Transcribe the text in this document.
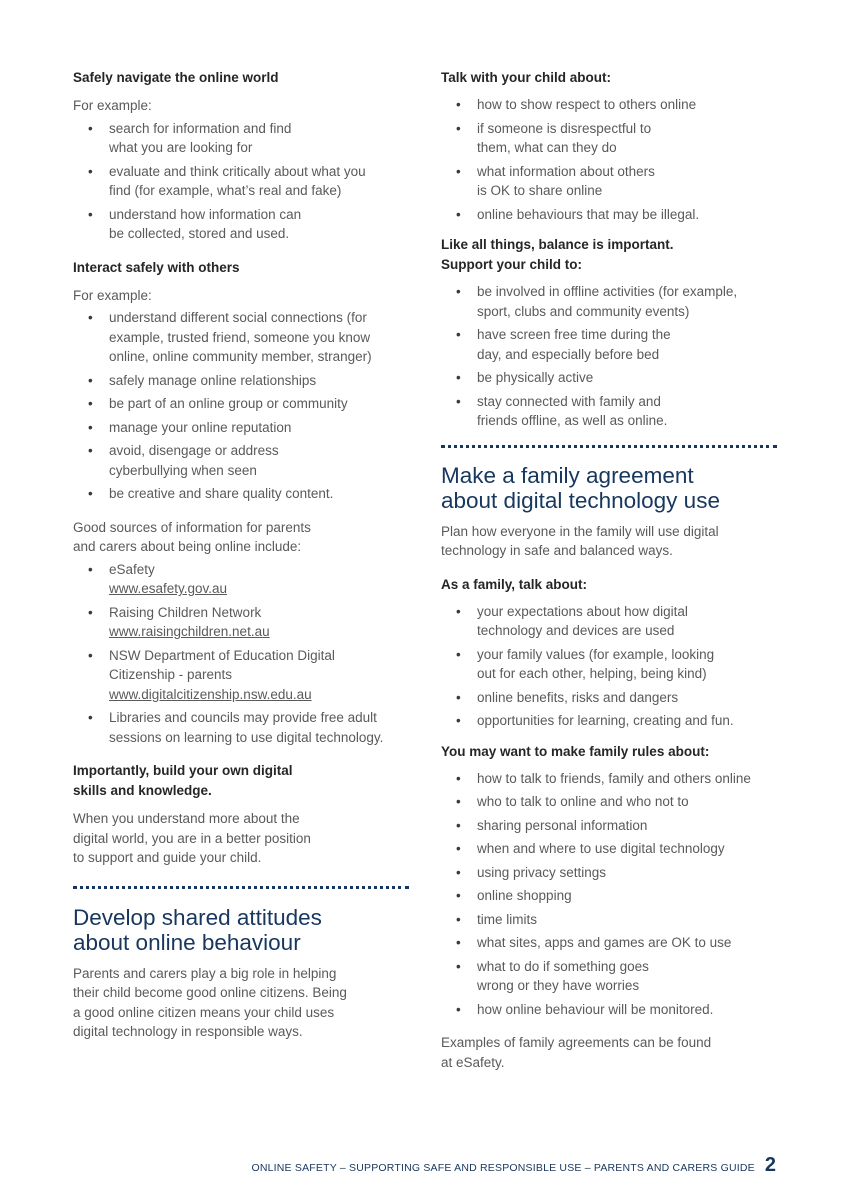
Safely navigate the online world

For example:

• search for information and find
what you are looking for
• evaluate and think critically about what you
find (for example, what’s real and fake)
• understand how information can
be collected, stored and used.

Interact safely with others

For example:

• understand different social connections (for
example, trusted friend, someone you know
online, online community member, stranger)
• safely manage online relationships
• be part of an online group or community
• manage your online reputation
• avoid, disengage or address
cyberbullying when seen
• be creative and share quality content.

Good sources of information for parents
and carers about being online include:

• eSafety
www.esafety.gov.au
• Raising Children Network
www.raisingchildren.net.au
• NSW Department of Education Digital
Citizenship - parents
www.digitalcitizenship.nsw.edu.au
• Libraries and councils may provide free adult
sessions on learning to use digital technology.

Importantly, build your own digital
skills and knowledge.

When you understand more about the
digital world, you are in a better position
to support and guide your child.

Develop shared attitudes
about online behaviour

Parents and carers play a big role in helping
their child become good online citizens. Being
a good online citizen means your child uses
digital technology in responsible ways.

Talk with your child about:

• how to show respect to others online
• if someone is disrespectful to
them, what can they do
• what information about others
is OK to share online
• online behaviours that may be illegal.

Like all things, balance is important.
Support your child to:

• be involved in offline activities (for example,
sport, clubs and community events)
• have screen free time during the
day, and especially before bed
• be physically active
• stay connected with family and
friends offline, as well as online.
Make a family agreement
about digital technology use

Plan how everyone in the family will use digital
technology in safe and balanced ways.

As a family, talk about:

• your expectations about how digital
technology and devices are used
• your family values (for example, looking
out for each other, helping, being kind)
• online benefits, risks and dangers
• opportunities for learning, creating and fun.

You may want to make family rules about:

• how to talk to friends, family and others online
• who to talk to online and who not to
• sharing personal information
• when and where to use digital technology
• using privacy settings
• online shopping
• time limits
• what sites, apps and games are OK to use
• what to do if something goes
wrong or they have worries
• how online behaviour will be monitored.

Examples of family agreements can be found
at eSafety.

ONLINE SAFETY – SUPPORTING SAFE AND RESPONSIBLE USE – PARENTS AND CARERS GUIDE 2
